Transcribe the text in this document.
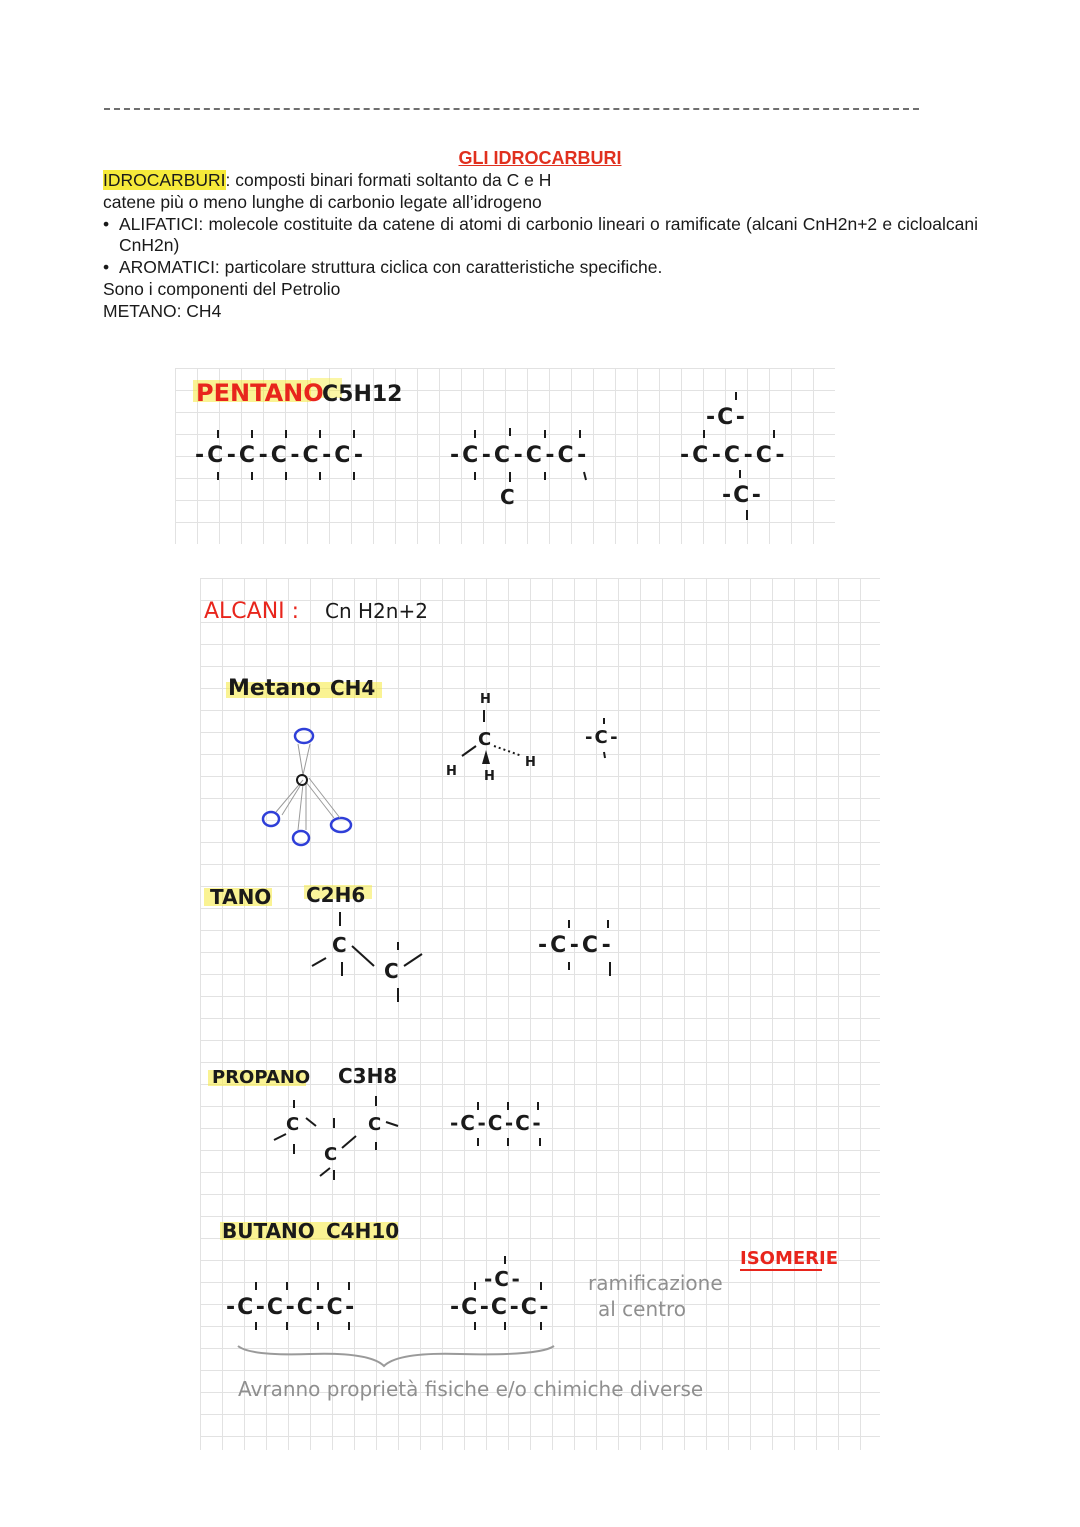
GLI IDROCARBURI

IDROCARBURI: composti binari formati soltanto da C e H

catene più o meno lunghe di carbonio legate all’idrogeno

• ALIFATICI: molecole costituite da catene di atomi di carbonio lineari o ramificate (alcani CnH2n+2 e cicloalcani CnH2n)

• AROMATICI: particolare struttura ciclica con caratteristiche specifiche.

Sono i componenti del Petrolio

METANO: CH4

PENTANO
C5H12
-C-C-C-C-C-	-C-C-C-C-
C
-C-
-C-C-C-
-C-
ALCANI : Cn H2n+2
Metano CH4	H
C
H H
H
-C-
TANO C2H6
C
C
-C-C-
PROPANO C3H8
C
C
C	-C-C-C-
BUTANO C4H10
-C-C-C-C-
-C-
-C-C-C-
ramificazione
al centro
ISOMERIE
Avranno proprietà fisiche e/o chimiche diverse
